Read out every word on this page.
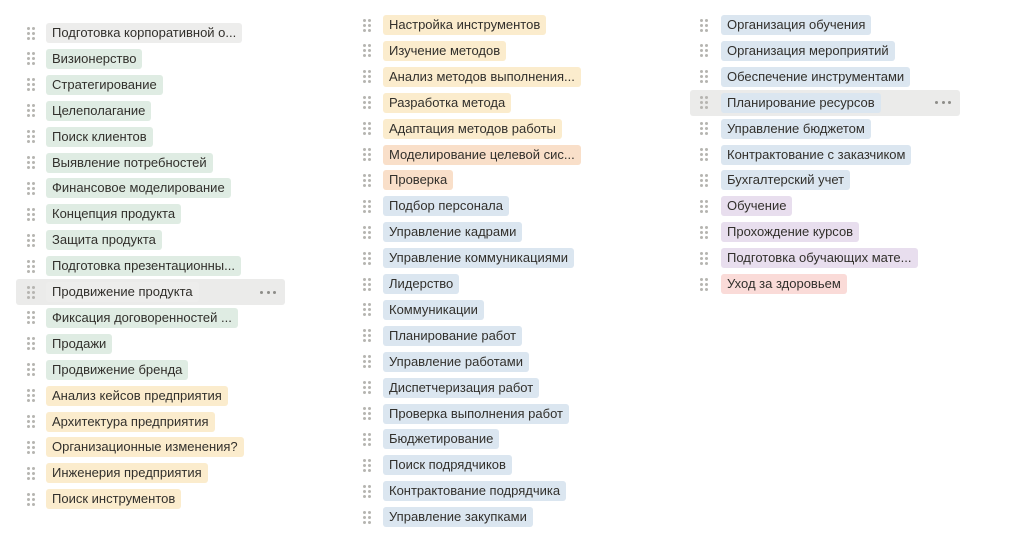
Подготовка корпоративной о...
Визионерство
Стратегирование
Целеполагание
Поиск клиентов
Выявление потребностей
Финансовое моделирование
Концепция продукта
Защита продукта
Подготовка презентационны...
Продвижение продукта
Фиксация договоренностей ...
Продажи
Продвижение бренда
Анализ кейсов предприятия
Архитектура предприятия
Организационные изменения?
Инженерия предприятия
Поиск инструментов
Настройка инструментов
Изучение методов
Анализ методов выполнения...
Разработка метода
Адаптация методов работы
Моделирование целевой сис...
Проверка
Подбор персонала
Управление кадрами
Управление коммуникациями
Лидерство
Коммуникации
Планирование работ
Управление работами
Диспетчеризация работ
Проверка выполнения работ
Бюджетирование
Поиск подрядчиков
Контрактование подрядчика
Управление закупками
Организация обучения
Организация мероприятий
Обеспечение инструментами
Планирование ресурсов
Управление бюджетом
Контрактование с заказчиком
Бухгалтерский учет
Обучение
Прохождение курсов
Подготовка обучающих мате...
Уход за здоровьем
